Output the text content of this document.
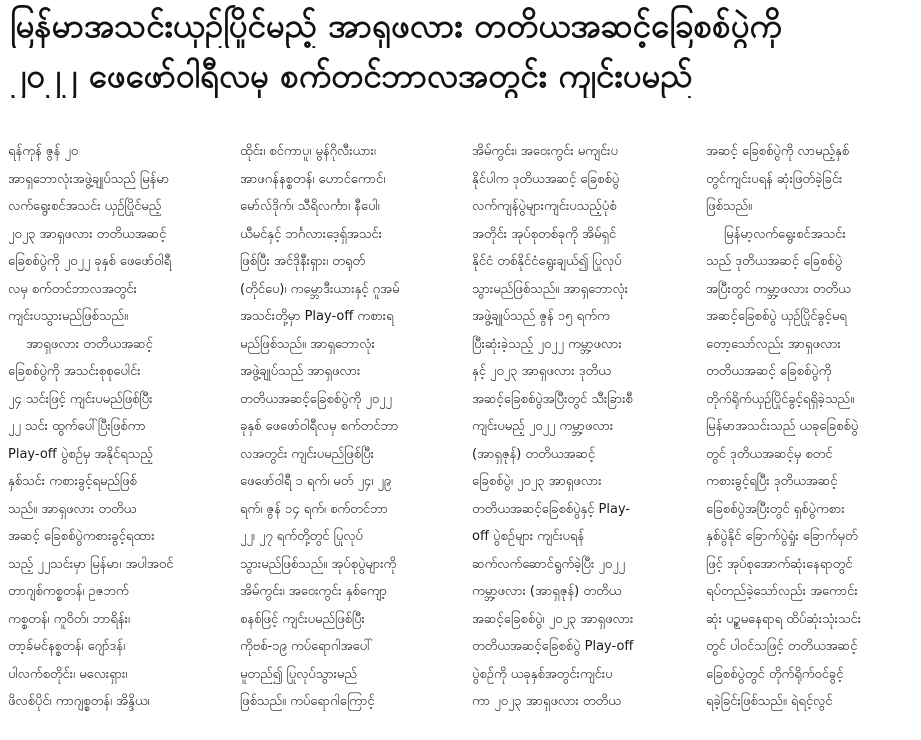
မြန်မာအသင်းယှဉ်ပြိုင်မည့် အာရှဖလား တတိယအဆင့်ခြေစစ်ပွဲကို
၂၀၂၂ ဖေဖော်ဝါရီလမှ စက်တင်ဘာလအတွင်း ကျင်းပမည်
ရန်ကုန် ဇွန် ၂၀
အာရှဘောလုံးအဖွဲ့ချုပ်သည် မြန်မာ
လက်ရွေးစင်အသင်း ယှဉ်ပြိုင်မည့်
၂၀၂၃ အာရှဖလား တတိယအဆင့်
ခြေစစ်ပွဲကို ၂၀၂၂ ခုနှစ် ဖေဖော်ဝါရီ
လမှ စက်တင်ဘာလအတွင်း
ကျင်းပသွားမည်ဖြစ်သည်။
အာရှဖလား တတိယအဆင့်
ခြေစစ်ပွဲကို အသင်းစုစုပေါင်း
၂၄ သင်းဖြင့် ကျင်းပမည်ဖြစ်ပြီး
၂၂ သင်း ထွက်ပေါ်ပြီးဖြစ်ကာ
Play-off ပွဲစဉ်မှ အနိုင်ရသည့်
နှစ်သင်း ကစားခွင့်ရမည်ဖြစ်
သည်။ အာရှဖလား တတိယ
အဆင့် ခြေစစ်ပွဲကစားခွင့်ရထား
သည့် ၂၂သင်းမှာ မြန်မာ၊ အပါအဝင်
တာဂျစ်ကစ္စတန်၊ ဥဇဘက်
ကစ္စတန်၊ ကူဝိတ်၊ ဘာရိန်း၊
တာ့ခ်မင်နစ္စတန်၊ ဂျော်ဒန်၊
ပါလက်စတိုင်း၊ မလေးရှား၊
ဖိလစ်ပိုင်၊ ကာဂျစ္စတန်၊ အိန္ဒိယ၊
ထိုင်း၊ စင်ကာပူ၊ မွန်ဂိုလီးယား၊
အာဖဂန်နစ္စတန်၊ ဟောင်ကောင်၊
မော်လ်ဒိုက်၊ သီရိလင်္ကာ၊ နီပေါ၊
ယီမင်နှင့် ဘင်္ဂလားဒေ့ရှ်အသင်း
ဖြစ်ပြီး အင်ဒိုနီးရှား၊ တရုတ်
(တိုင်ပေ)၊ ကမ္ဘောဒီးယားနှင့် ဂူအမ်
အသင်းတို့မှာ Play-off ကစားရ
မည်ဖြစ်သည်။ အာရှဘောလုံး
အဖွဲ့ချုပ်သည် အာရှဖလား
တတိယအဆင့်ခြေစစ်ပွဲကို ၂၀၂၂
ခုနှစ် ဖေဖော်ဝါရီလမှ စက်တင်ဘာ
လအတွင်း ကျင်းပမည်ဖြစ်ပြီး
ဖေဖော်ဝါရီ ၁ ရက်၊ မတ် ၂၄၊ ၂၉
ရက်၊ ဇွန် ၁၄ ရက်၊ စက်တင်ဘာ
၂၂၊ ၂၇ ရက်တို့တွင် ပြုလုပ်
သွားမည်ဖြစ်သည်။ အုပ်စုပွဲများကို
အိမ်ကွင်း၊ အဝေးကွင်း နှစ်ကျော့
စနစ်ဖြင့် ကျင်းပမည်ဖြစ်ပြီး
ကိုဗစ်-၁၉ ကပ်ရောဂါအပေါ်
မူတည်၍ ပြုလုပ်သွားမည်
ဖြစ်သည်။ ကပ်ရောဂါကြောင့်
အိမ်ကွင်း၊ အဝေးကွင်း မကျင်းပ
နိုင်ပါက ဒုတိယအဆင့် ခြေစစ်ပွဲ
လက်ကျန်ပွဲများကျင်းပသည့်ပုံစံ
အတိုင်း အုပ်စုတစ်ခုကို အိမ်ရှင်
နိုင်ငံ တစ်နိုင်ငံရွေးချယ်၍ ပြုလုပ်
သွားမည်ဖြစ်သည်။ အာရှဘောလုံး
အဖွဲ့ချုပ်သည် ဇွန် ၁၅ ရက်က
ပြီးဆုံးခဲ့သည့် ၂၀၂၂ ကမ္ဘာ့ဖလား
နှင့် ၂၀၂၃ အာရှဖလား ဒုတိယ
အဆင့်ခြေစစ်ပွဲအပြီးတွင် သီးခြားစီ
ကျင်းပမည့် ၂၀၂၂ ကမ္ဘာ့ဖလား
(အာရှဇုန်) တတိယအဆင့်
ခြေစစ်ပွဲ၊ ၂၀၂၃ အာရှဖလား
တတိယအဆင့်ခြေစစ်ပွဲနှင့် Play-
off ပွဲစဉ်များ ကျင်းပရန်
ဆက်လက်ဆောင်ရွက်ခဲ့ပြီး ၂၀၂၂
ကမ္ဘာ့ဖလား (အာရှဇုန်) တတိယ
အဆင့်ခြေစစ်ပွဲ၊ ၂၀၂၃ အာရှဖလား
တတိယအဆင့်ခြေစစ်ပွဲ Play-off
ပွဲစဉ်ကို ယခုနှစ်အတွင်းကျင်းပ
ကာ ၂၀၂၃ အာရှဖလား တတိယ
အဆင့် ခြေစစ်ပွဲကို လာမည့်နှစ်
တွင်ကျင်းပရန် ဆုံးဖြတ်ခဲ့ခြင်း
ဖြစ်သည်။
မြန်မာ့လက်ရွေးစင်အသင်း
သည် ဒုတိယအဆင့် ခြေစစ်ပွဲ
အပြီးတွင် ကမ္ဘာ့ဖလား တတိယ
အဆင့်ခြေစစ်ပွဲ ယှဉ်ပြိုင်ခွင့်မရ
တော့သော်လည်း အာရှဖလား
တတိယအဆင့် ခြေစစ်ပွဲကို
တိုက်ရိုက်ယှဉ်ပြိုင်ခွင့်ရရှိခဲ့သည်။
မြန်မာအသင်းသည် ယခုခြေစစ်ပွဲ
တွင် ဒုတိယအဆင့်မှ စတင်
ကစားခွင့်ရပြီး ဒုတိယအဆင့်
ခြေစစ်ပွဲအပြီးတွင် ရှစ်ပွဲကစား
နှစ်ပွဲနိုင် ခြောက်ပွဲရှုံး ခြောက်မှတ်
ဖြင့် အုပ်စုအောက်ဆုံးနေရာတွင်
ရပ်တည်ခဲ့သော်လည်း အကောင်း
ဆုံး ပဉ္စမနေရာရ ထိပ်ဆုံးသုံးသင်း
တွင် ပါဝင်သဖြင့် တတိယအဆင့်
ခြေစစ်ပွဲတွင် တိုက်ရိုက်ဝင်ခွင့်
ရခဲ့ခြင်းဖြစ်သည်။ ရဲရင့်လွင်
